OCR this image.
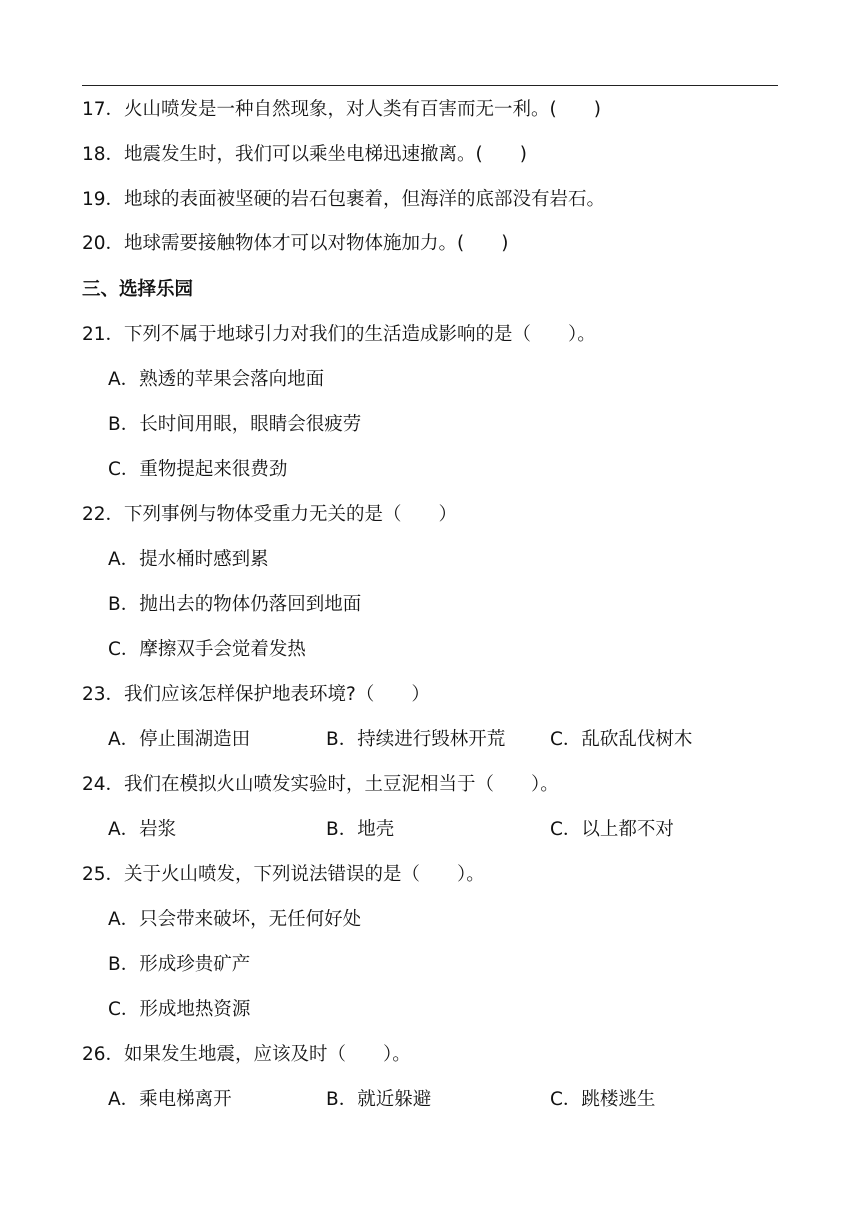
17．火山喷发是一种自然现象，对人类有百害而无一利。(　　)
18．地震发生时，我们可以乘坐电梯迅速撤离。(　　)
19．地球的表面被坚硬的岩石包裹着，但海洋的底部没有岩石。
20．地球需要接触物体才可以对物体施加力。(　　)
三、选择乐园
21．下列不属于地球引力对我们的生活造成影响的是（　　）。
A．熟透的苹果会落向地面
B．长时间用眼，眼睛会很疲劳
C．重物提起来很费劲
22．下列事例与物体受重力无关的是（　　）
A．提水桶时感到累
B．抛出去的物体仍落回到地面
C．摩擦双手会觉着发热
23．我们应该怎样保护地表环境?（　　）
A．停止围湖造田	B．持续进行毁林开荒 C．乱砍乱伐树木
24．我们在模拟火山喷发实验时，土豆泥相当于（　　）。
A．岩浆	B．地壳	C．以上都不对
25．关于火山喷发，下列说法错误的是（　　）。
A．只会带来破坏，无任何好处
B．形成珍贵矿产
C．形成地热资源
26．如果发生地震，应该及时（　　）。
A．乘电梯离开	B．就近躲避	C．跳楼逃生
